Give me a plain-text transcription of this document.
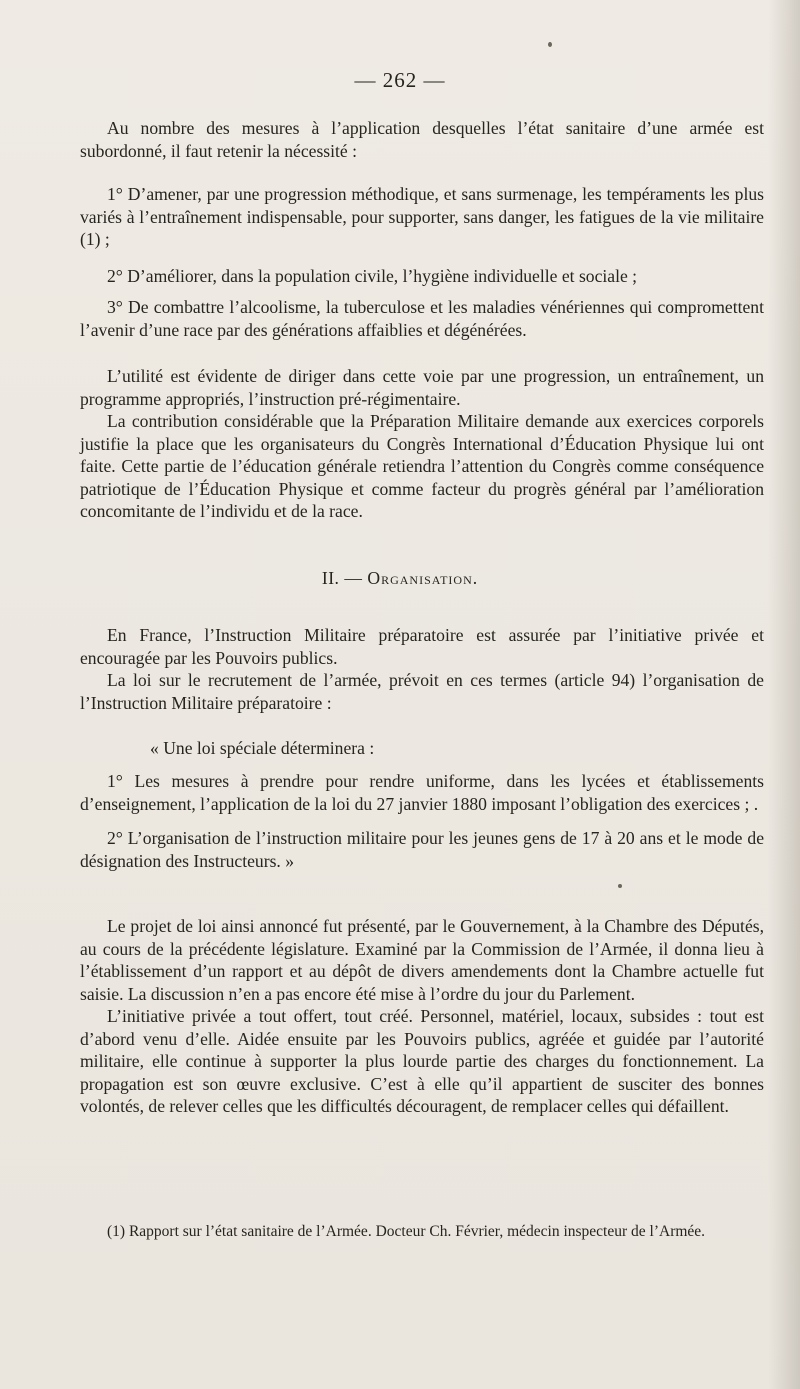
— 262 —

Au nombre des mesures à l’application desquelles l’état sanitaire d’une armée est subordonné, il faut retenir la nécessité :

1° D’amener, par une progression méthodique, et sans surmenage, les tempéraments les plus variés à l’entraînement indispensable, pour supporter, sans danger, les fatigues de la vie militaire (1) ;

2° D’améliorer, dans la population civile, l’hygiène individuelle et sociale ;

3° De combattre l’alcoolisme, la tuberculose et les maladies vénériennes qui compromettent l’avenir d’une race par des générations affaiblies et dégénérées.

L’utilité est évidente de diriger dans cette voie par une progression, un entraînement, un programme appropriés, l’instruction pré-régimentaire.

La contribution considérable que la Préparation Militaire demande aux exercices corporels justifie la place que les organisateurs du Congrès International d’Éducation Physique lui ont faite. Cette partie de l’éducation générale retiendra l’attention du Congrès comme conséquence patriotique de l’Éducation Physique et comme facteur du progrès général par l’amélioration concomitante de l’individu et de la race.

II. — Organisation.

En France, l’Instruction Militaire préparatoire est assurée par l’initiative privée et encouragée par les Pouvoirs publics.

La loi sur le recrutement de l’armée, prévoit en ces termes (article 94) l’organisation de l’Instruction Militaire préparatoire :

« Une loi spéciale déterminera :

1° Les mesures à prendre pour rendre uniforme, dans les lycées et établissements d’enseignement, l’application de la loi du 27 janvier 1880 imposant l’obligation des exercices ; .

2° L’organisation de l’instruction militaire pour les jeunes gens de 17 à 20 ans et le mode de désignation des Instructeurs. »

Le projet de loi ainsi annoncé fut présenté, par le Gouvernement, à la Chambre des Députés, au cours de la précédente législature. Examiné par la Commission de l’Armée, il donna lieu à l’établissement d’un rapport et au dépôt de divers amendements dont la Chambre actuelle fut saisie. La discussion n’en a pas encore été mise à l’ordre du jour du Parlement.

L’initiative privée a tout offert, tout créé. Personnel, matériel, locaux, subsides : tout est d’abord venu d’elle. Aidée ensuite par les Pouvoirs publics, agréée et guidée par l’autorité militaire, elle continue à supporter la plus lourde partie des charges du fonctionnement. La propagation est son œuvre exclusive. C’est à elle qu’il appartient de susciter des bonnes volontés, de relever celles que les difficultés découragent, de remplacer celles qui défaillent.

(1) Rapport sur l’état sanitaire de l’Armée. Docteur Ch. Février, médecin inspecteur de l’Armée.
